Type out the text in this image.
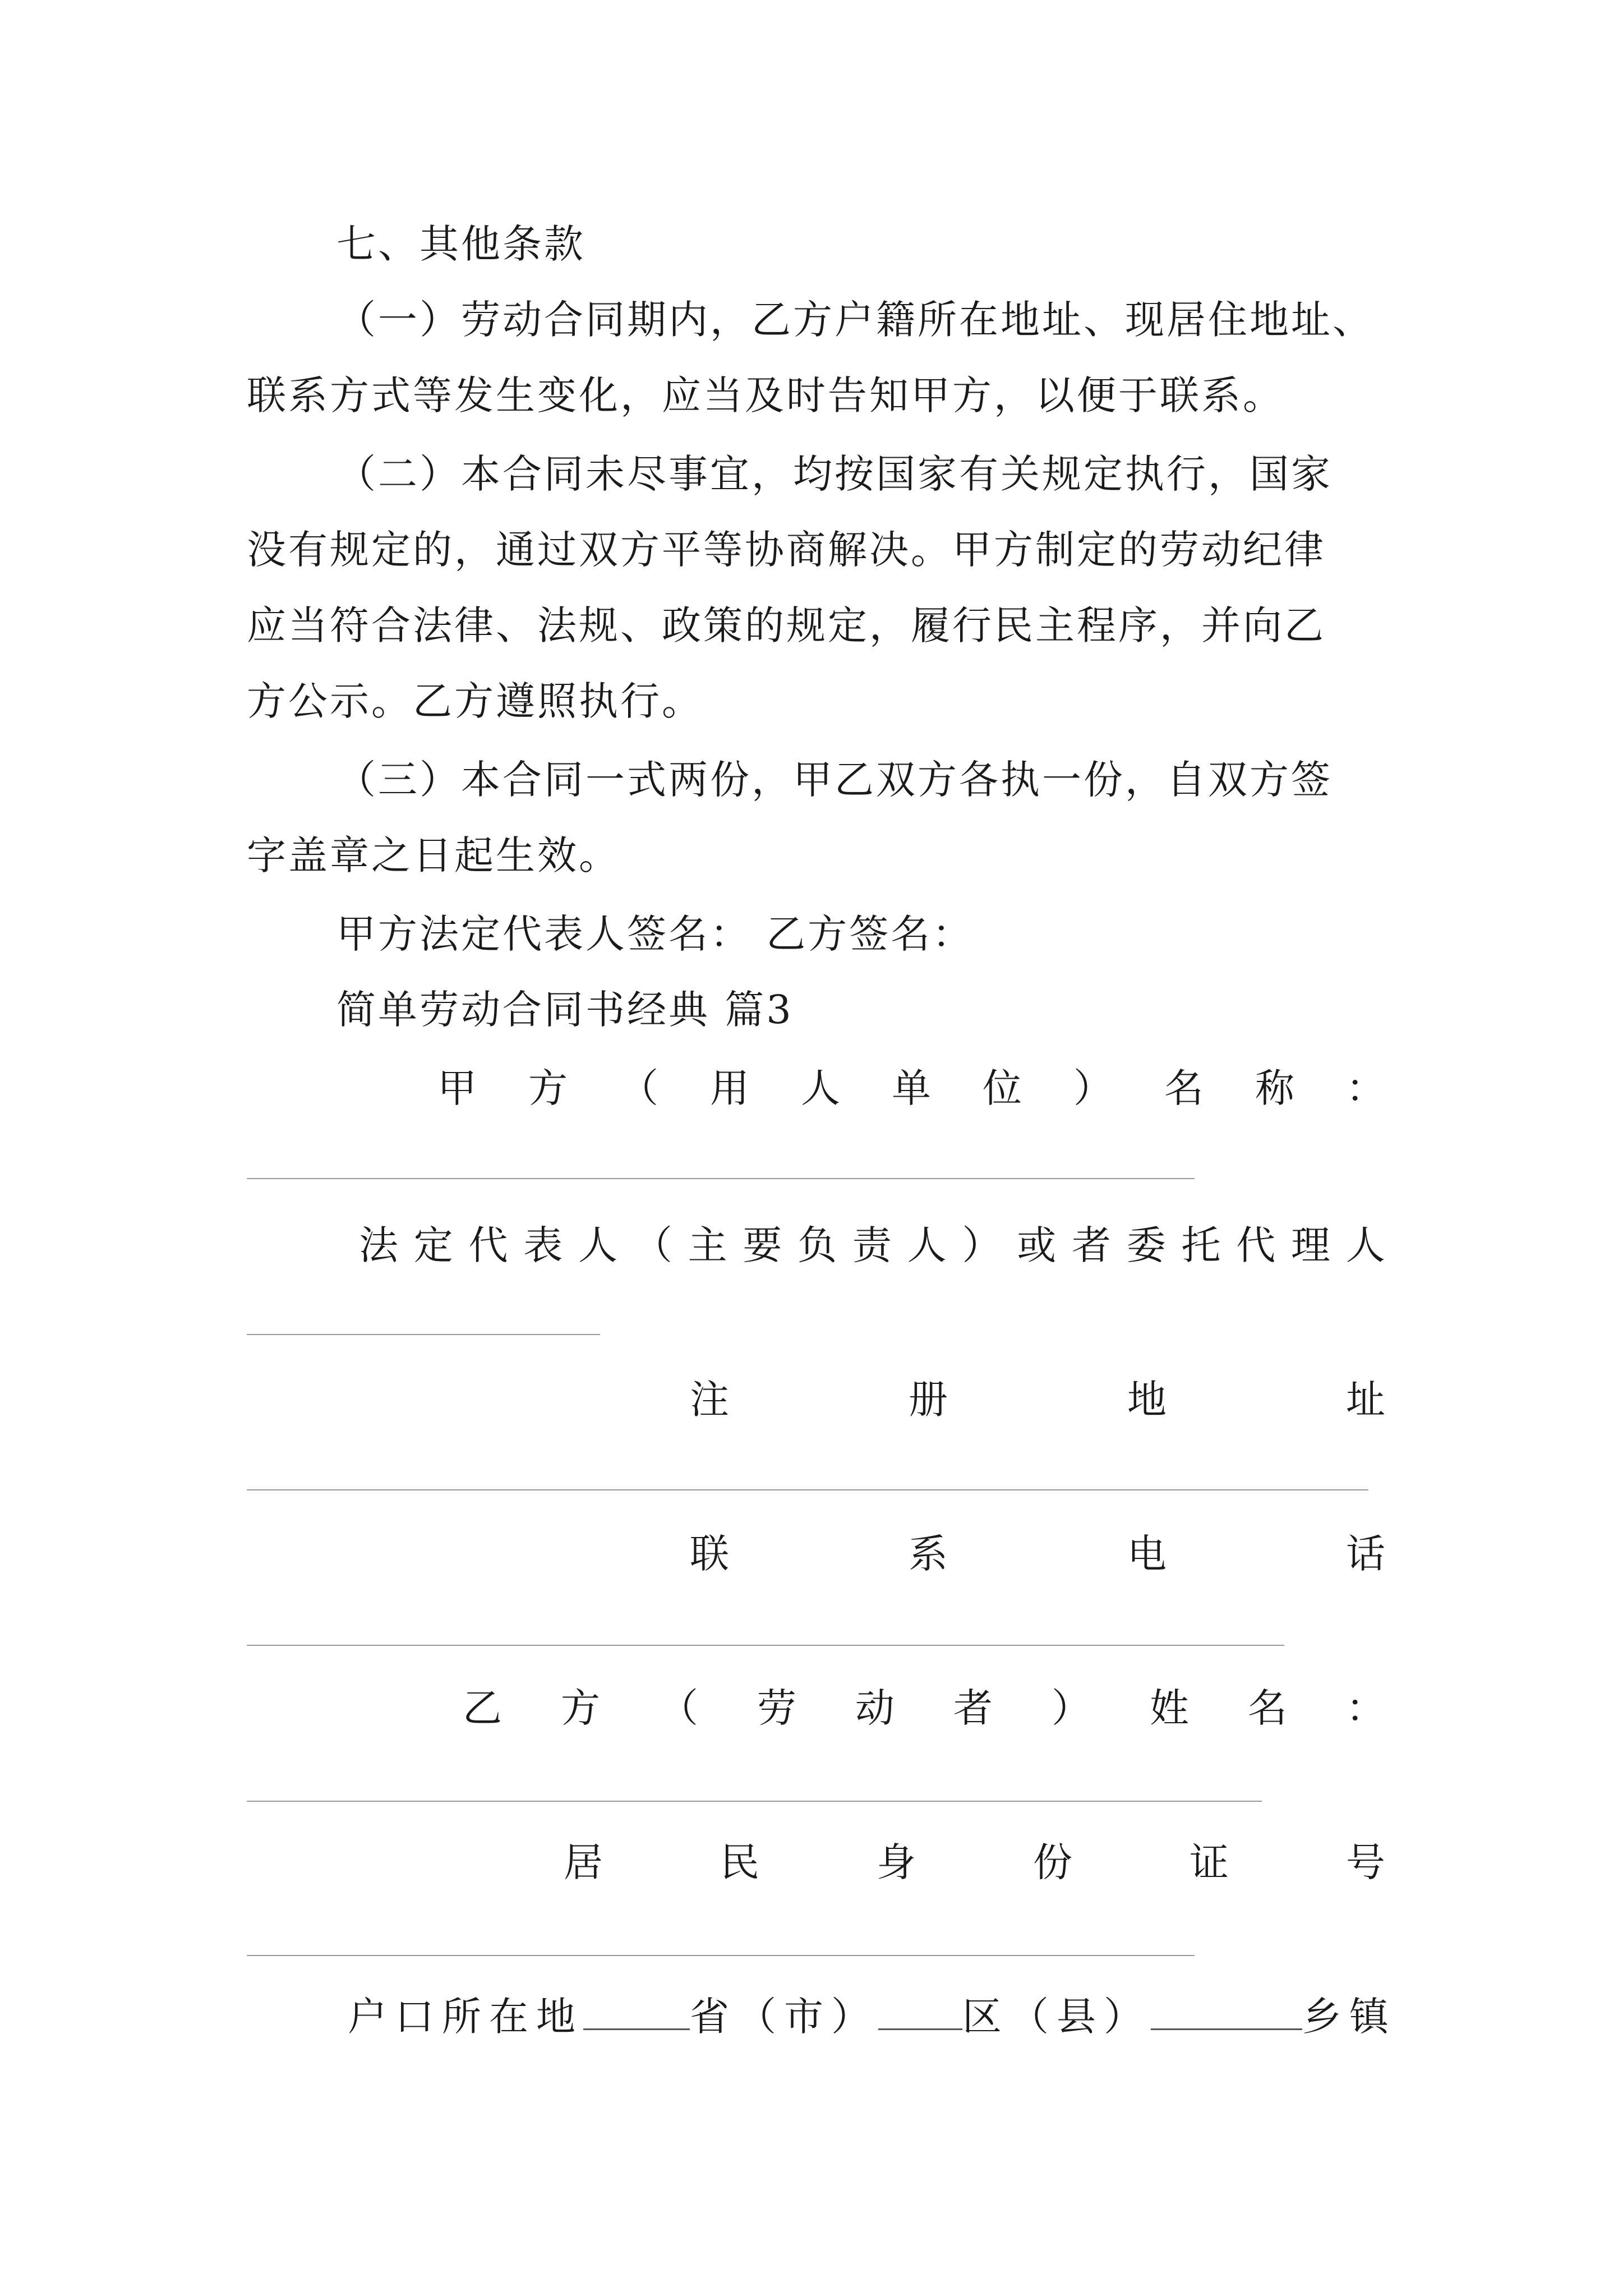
七、其他条款
（一）劳动合同期内，乙方户籍所在地址、现居住地址、
联系方式等发生变化，应当及时告知甲方，以便于联系。
（二）本合同未尽事宜，均按国家有关规定执行，国家
没有规定的，通过双方平等协商解决。甲方制定的劳动纪律
应当符合法律、法规、政策的规定，履行民主程序，并向乙
方公示。乙方遵照执行。
（三）本合同一式两份，甲乙双方各执一份，自双方签
字盖章之日起生效。
甲方法定代表人签名： 乙方签名：
简单劳动合同书经典 篇3
甲 方 （ 用 人 单 位 ） 名 称 ：
法 定 代 表 人 （ 主 要 负 责 人 ） 或 者 委 托 代 理 人
注	册	地	址
联	系	电	话
乙 方 （ 劳 动 者 ） 姓 名 ：
居	民	身	份	证	号
户口所在地	省（市） 区（县）	乡镇
